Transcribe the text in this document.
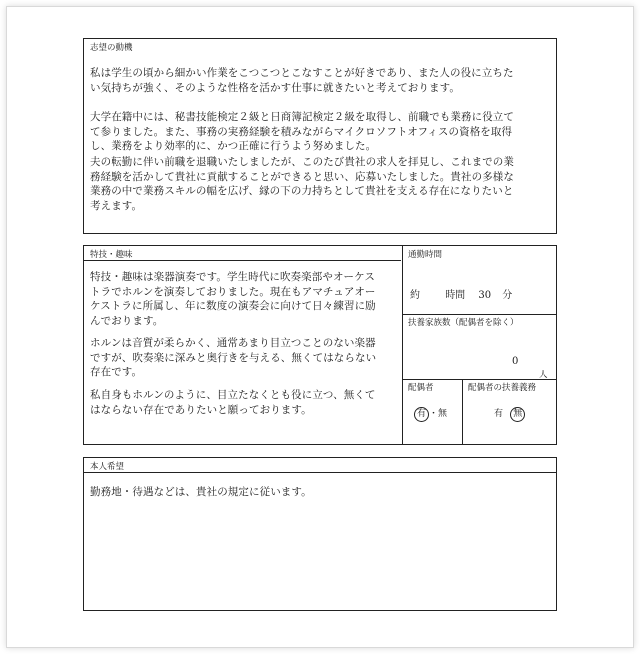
志望の動機
私は学生の頃から細かい作業をこつこつとこなすことが好きであり、また人の役に立ちた
い気持ちが強く、そのような性格を活かす仕事に就きたいと考えております。
大学在籍中には、秘書技能検定２級と日商簿記検定２級を取得し、前職でも業務に役立て
て参りました。また、事務の実務経験を積みながらマイクロソフトオフィスの資格を取得
し、業務をより効率的に、かつ正確に行うよう努めました。
夫の転勤に伴い前職を退職いたしましたが、このたび貴社の求人を拝見し、これまでの業
務経験を活かして貴社に貢献することができると思い、応募いたしました。貴社の多様な
業務の中で業務スキルの幅を広げ、縁の下の力持ちとして貴社を支える存在になりたいと
考えます。
特技・趣味
特技・趣味は楽器演奏です。学生時代に吹奏楽部やオーケス
トラでホルンを演奏しておりました。現在もアマチュアオー
ケストラに所属し、年に数度の演奏会に向けて日々練習に励
んでおります。
ホルンは音質が柔らかく、通常あまり目立つことのない楽器
ですが、吹奏楽に深みと奥行きを与える、無くてはならない
存在です。
私自身もホルンのように、目立たなくとも役に立つ、無くて
はならない存在でありたいと願っております。
通勤時間
約	時間 30 分
扶養家族数（配偶者を除く）
0
人
配偶者
有 ・無
配偶者の扶養義務
有 無
本人希望
勤務地・待遇などは、貴社の規定に従います。
